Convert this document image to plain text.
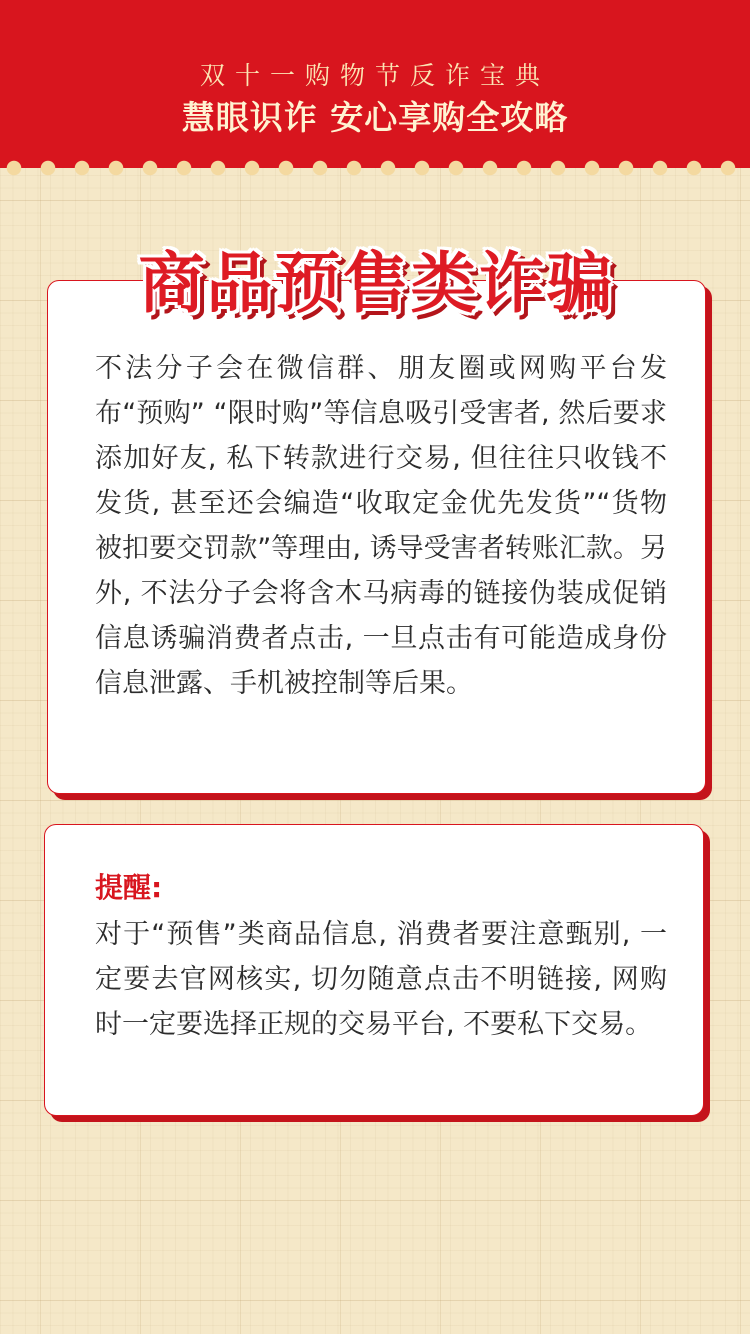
双十一购物节反诈宝典
慧眼识诈 安心享购全攻略
商品预售类诈骗
不法分子会在微信群、朋友圈或网购平台发布“预购” “限时购”等信息吸引受害者, 然后要求添加好友, 私下转款进行交易, 但往往只收钱不发货, 甚至还会编造“收取定金优先发货”“货物被扣要交罚款”等理由, 诱导受害者转账汇款。另外, 不法分子会将含木马病毒的链接伪装成促销信息诱骗消费者点击, 一旦点击有可能造成身份信息泄露、手机被控制等后果。
提醒:
对于“预售”类商品信息, 消费者要注意甄别, 一定要去官网核实, 切勿随意点击不明链接, 网购时一定要选择正规的交易平台, 不要私下交易。
